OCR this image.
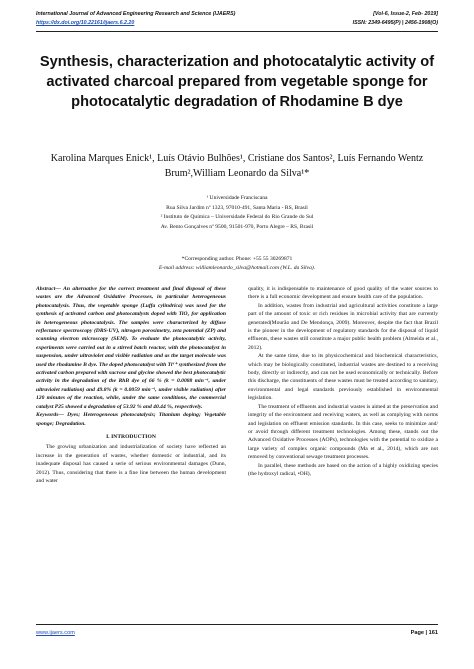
International Journal of Advanced Engineering Research and Science (IJAERS)	[Vol-6, Issue-2, Feb- 2019]
https://dx.doi.org/10.22161/ijaers.6.2.20	ISSN: 2349-6495(P) | 2456-1908(O)
Synthesis, characterization and photocatalytic activity of activated charcoal prepared from vegetable sponge for photocatalytic degradation of Rhodamine B dye
Karolina Marques Enick¹, Luís Otávio Bulhões¹, Cristiane dos Santos², Luís Fernando Wentz Brum²,William Leonardo da Silva¹*
¹ Universidade Franciscana
Rua Silva Jardim nº 1323, 97010-491, Santa Maria - RS, Brasil
² Instituto de Química – Universidade Federal do Rio Grande do Sul
Av. Bento Gonçalves nº 9500, 91501-970, Porto Alegre – RS, Brasil
*Corresponding author. Phone: +55 55 30269871
E-mail address: williamleonardo_silva@hotmail.com (W.L. da Silva).

Abstract— An alternative for the correct treatment and final disposal of these wastes are the Advanced Oxidative Processes, in particular heterogeneous photocatalysis. Thus, the vegetable sponge (Luffa cylindrica) was used for the synthesis of activated carbon and photocatalysts doped with TiO₂ for application in heterogeneous photocatalysis. The samples were characterized by diffuse reflectance spectroscopy (DRS-UV), nitrogen porosimetry, zeta potential (ZP) and scanning electron microscopy (SEM). To evaluate the photocatalytic activity, experiments were carried out in a stirred batch reactor, with the photocatalyst in suspension, under ultraviolet and visible radiation and as the target molecule was used the rhodamine B dye. The doped photocatalyst with Ti⁴⁺ synthesized from the activated carbon prepared with sucrose and glycine showed the best photocatalytic activity in the degradation of the RhB dye of 66 % (k = 0.0088 min⁻¹, under ultraviolet radiation) and 49.8% (k = 0.0059 min⁻¹, under visible radiation) after 120 minutes of the reaction, while, under the same conditions, the commercial catalyst P25 showed a degradation of 53.92 % and 40.44 %, respectively.

Keywords— Dyes; Heterogeneous photocatalysis; Titanium doping; Vegetable sponge; Degradation.

I. INTRODUCTION

The growing urbanization and industrialization of society have reflected an increase in the generation of wastes, whether domestic or industrial, and its inadequate disposal has caused a serie of serious environmental damages (Dunn, 2012). Thus, considering that there is a fine line between the human development and water

quality, it is indispensable to maintenance of good quality of the water sources to there is a full economic development and ensure health care of the population.

In addition, wastes from industrial and agricultural activities constitute a large part of the amount of toxic or rich residues in microbial activity that are currently generated(Mourão and De Mendonça, 2009). Moreover, despite the fact that Brazil is the pioneer in the development of regulatory standards for the disposal of liquid effluents, these wastes still constitute a major public health problem (Almeida et al., 2012).

At the same time, due to its physicochemical and biochemical characteristics, which may be biologically constituted, industrial wastes are destined to a receiving body, directly or indirectly, and can not be used economically or technically. Before this discharge, the constituents of these wastes must be treated according to sanitary, environmental and legal standards previously established in environmental legislation.

The treatment of effluents and industrial wastes is aimed at the preservation and integrity of the environment and receiving waters, as well as complying with norms and legislation on effluent emission standards. In this case, seeks to minimize and/ or avoid through different treatment technologies. Among these, stands out the Advanced Oxidative Processes (AOPs), technologies with the potential to oxidize a large variety of complex organic compounds (Ma et al., 2014), which are not removed by conventional sewage treatment processes.

In parallel, these methods are based on the action of a highly oxidizing species (the hydroxyl radical, •OH),

www.ijaers.com	Page | 161
